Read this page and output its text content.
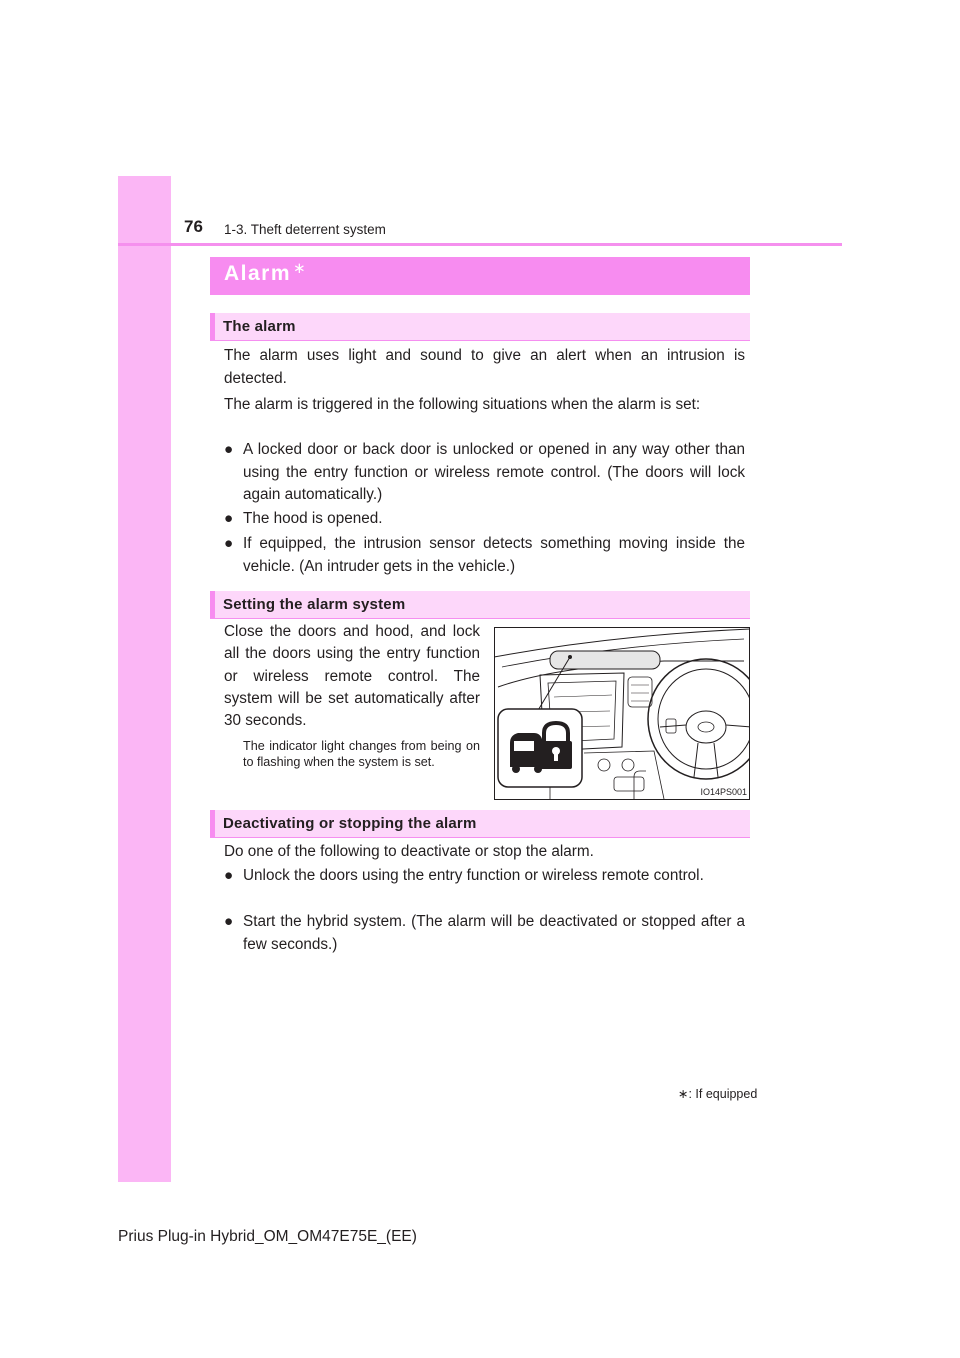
76 1-3. Theft deterrent system
Alarm ∗
The alarm

The alarm uses light and sound to give an alert when an intrusion is detected.

The alarm is triggered in the following situations when the alarm is set:

● A locked door or back door is unlocked or opened in any way other than using the entry function or wireless remote control. (The doors will lock again automatically.)
● The hood is opened.
● If equipped, the intrusion sensor detects something moving inside the vehicle. (An intruder gets in the vehicle.)
Setting the alarm system
Close the doors and hood, and lock all the doors using the entry function or wireless remote control. The system will be set automatically after 30 seconds.
The indicator light changes from being on to flashing when the system is set.
IO14PS001
Deactivating or stopping the alarm

Do one of the following to deactivate or stop the alarm.

● Unlock the doors using the entry function or wireless remote control.
● Start the hybrid system. (The alarm will be deactivated or stopped after a few seconds.)
∗: If equipped
Prius Plug-in Hybrid_OM_OM47E75E_(EE)
